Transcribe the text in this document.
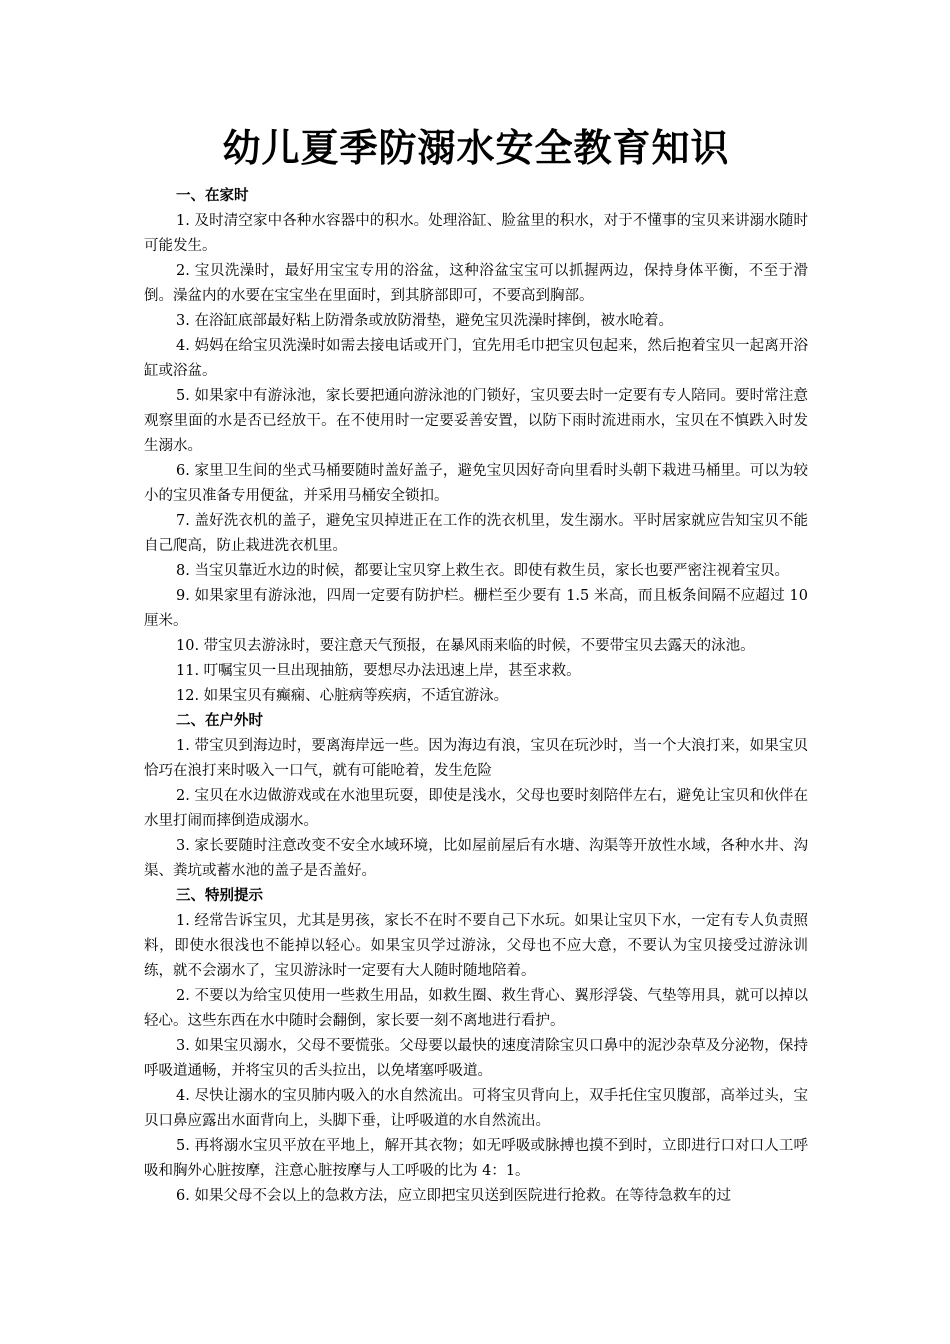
幼儿夏季防溺水安全教育知识
一、在家时

1. 及时清空家中各种水容器中的积水。处理浴缸、脸盆里的积水，对于不懂事的宝贝来讲溺水随时可能发生。

2. 宝贝洗澡时，最好用宝宝专用的浴盆，这种浴盆宝宝可以抓握两边，保持身体平衡，不至于滑倒。澡盆内的水要在宝宝坐在里面时，到其脐部即可，不要高到胸部。

3. 在浴缸底部最好粘上防滑条或放防滑垫，避免宝贝洗澡时摔倒，被水呛着。

4. 妈妈在给宝贝洗澡时如需去接电话或开门，宜先用毛巾把宝贝包起来，然后抱着宝贝一起离开浴缸或浴盆。

5. 如果家中有游泳池，家长要把通向游泳池的门锁好，宝贝要去时一定要有专人陪同。要时常注意观察里面的水是否已经放干。在不使用时一定要妥善安置，以防下雨时流进雨水，宝贝在不慎跌入时发生溺水。

6. 家里卫生间的坐式马桶要随时盖好盖子，避免宝贝因好奇向里看时头朝下栽进马桶里。可以为较小的宝贝准备专用便盆，并采用马桶安全锁扣。

7. 盖好洗衣机的盖子，避免宝贝掉进正在工作的洗衣机里，发生溺水。平时居家就应告知宝贝不能自己爬高，防止栽进洗衣机里。

8. 当宝贝靠近水边的时候，都要让宝贝穿上救生衣。即使有救生员，家长也要严密注视着宝贝。

9. 如果家里有游泳池，四周一定要有防护栏。栅栏至少要有 1.5 米高，而且板条间隔不应超过 10 厘米。

10. 带宝贝去游泳时，要注意天气预报，在暴风雨来临的时候，不要带宝贝去露天的泳池。

11. 叮嘱宝贝一旦出现抽筋，要想尽办法迅速上岸，甚至求救。

12. 如果宝贝有癫痫、心脏病等疾病，不适宜游泳。

二、在户外时

1. 带宝贝到海边时，要离海岸远一些。因为海边有浪，宝贝在玩沙时，当一个大浪打来，如果宝贝恰巧在浪打来时吸入一口气，就有可能呛着，发生危险

2. 宝贝在水边做游戏或在水池里玩耍，即使是浅水，父母也要时刻陪伴左右，避免让宝贝和伙伴在水里打闹而摔倒造成溺水。

3. 家长要随时注意改变不安全水域环境，比如屋前屋后有水塘、沟渠等开放性水域，各种水井、沟渠、粪坑或蓄水池的盖子是否盖好。

三、特别提示

1. 经常告诉宝贝，尤其是男孩，家长不在时不要自己下水玩。如果让宝贝下水，一定有专人负责照料，即使水很浅也不能掉以轻心。如果宝贝学过游泳，父母也不应大意，不要认为宝贝接受过游泳训练，就不会溺水了，宝贝游泳时一定要有大人随时随地陪着。

2. 不要以为给宝贝使用一些救生用品，如救生圈、救生背心、翼形浮袋、气垫等用具，就可以掉以轻心。这些东西在水中随时会翻倒，家长要一刻不离地进行看护。

3. 如果宝贝溺水，父母不要慌张。父母要以最快的速度清除宝贝口鼻中的泥沙杂草及分泌物，保持呼吸道通畅，并将宝贝的舌头拉出，以免堵塞呼吸道。

4. 尽快让溺水的宝贝肺内吸入的水自然流出。可将宝贝背向上，双手托住宝贝腹部，高举过头，宝贝口鼻应露出水面背向上，头脚下垂，让呼吸道的水自然流出。

5. 再将溺水宝贝平放在平地上，解开其衣物；如无呼吸或脉搏也摸不到时，立即进行口对口人工呼吸和胸外心脏按摩，注意心脏按摩与人工呼吸的比为 4：1。

6. 如果父母不会以上的急救方法，应立即把宝贝送到医院进行抢救。在等待急救车的过
